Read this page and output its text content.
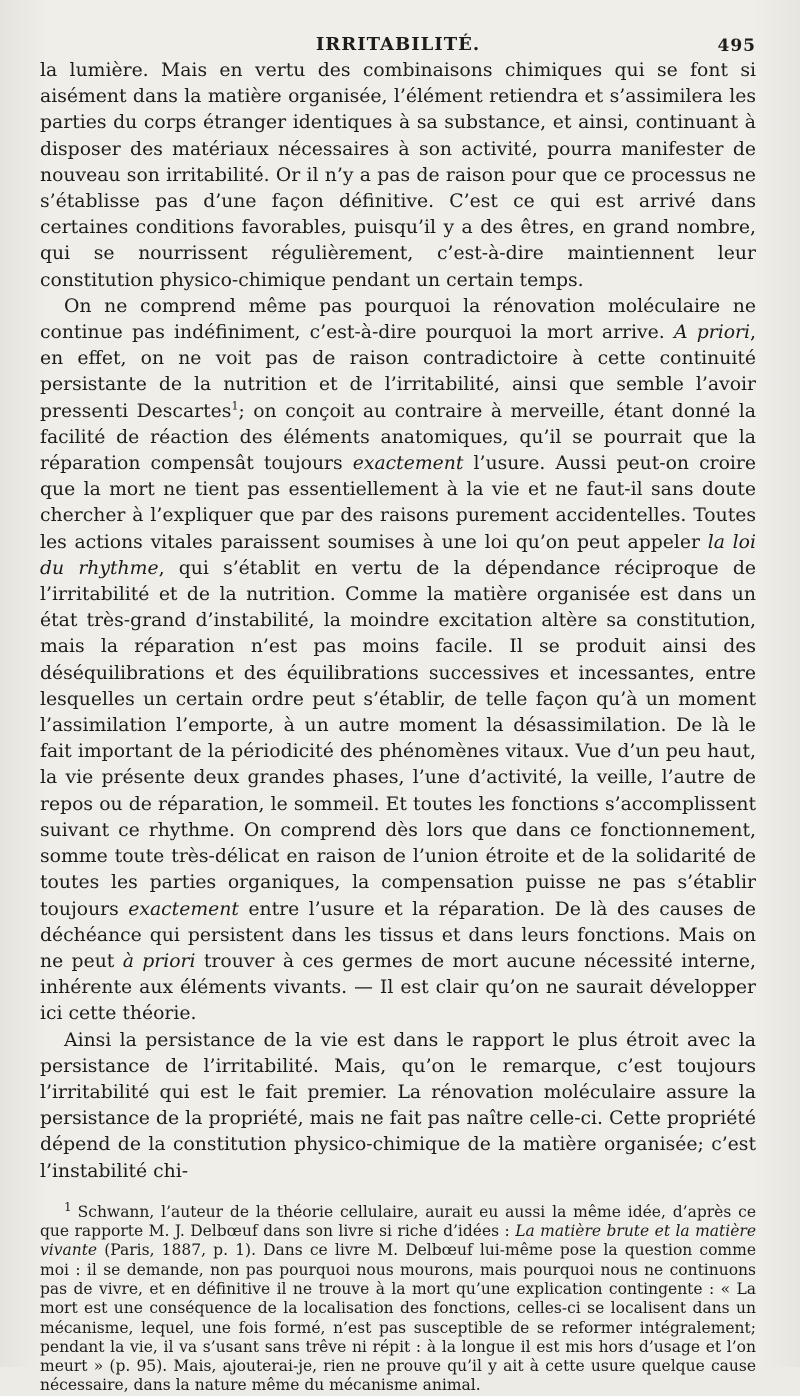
IRRITABILITÉ.	495

la lumière. Mais en vertu des combinaisons chimiques qui se font si aisément dans la matière organisée, l’élément retiendra et s’assimilera les parties du corps étranger identiques à sa substance, et ainsi, continuant à disposer des matériaux nécessaires à son activité, pourra manifester de nouveau son irritabilité. Or il n’y a pas de raison pour que ce processus ne s’établisse pas d’une façon définitive. C’est ce qui est arrivé dans certaines conditions favorables, puisqu’il y a des êtres, en grand nombre, qui se nourrissent régulièrement, c’est-à-dire maintiennent leur constitution physico-chimique pendant un certain temps.

On ne comprend même pas pourquoi la rénovation moléculaire ne continue pas indéfiniment, c’est-à-dire pourquoi la mort arrive. A priori, en effet, on ne voit pas de raison contradictoire à cette continuité persistante de la nutrition et de l’irritabilité, ainsi que semble l’avoir pressenti Descartes$^1$; on conçoit au contraire à merveille, étant donné la facilité de réaction des éléments anatomiques, qu’il se pourrait que la réparation compensât toujours exactement l’usure. Aussi peut-on croire que la mort ne tient pas essentiellement à la vie et ne faut-il sans doute chercher à l’expliquer que par des raisons purement accidentelles. Toutes les actions vitales paraissent soumises à une loi qu’on peut appeler la loi du rhythme, qui s’établit en vertu de la dépendance réciproque de l’irritabilité et de la nutrition. Comme la matière organisée est dans un état très-grand d’instabilité, la moindre excitation altère sa constitution, mais la réparation n’est pas moins facile. Il se produit ainsi des déséquilibrations et des équilibrations successives et incessantes, entre lesquelles un certain ordre peut s’établir, de telle façon qu’à un moment l’assimilation l’emporte, à un autre moment la désassimilation. De là le fait important de la périodicité des phénomènes vitaux. Vue d’un peu haut, la vie présente deux grandes phases, l’une d’activité, la veille, l’autre de repos ou de réparation, le sommeil. Et toutes les fonctions s’accomplissent suivant ce rhythme. On comprend dès lors que dans ce fonctionnement, somme toute très-délicat en raison de l’union étroite et de la solidarité de toutes les parties organiques, la compensation puisse ne pas s’établir toujours exactement entre l’usure et la réparation. De là des causes de déchéance qui persistent dans les tissus et dans leurs fonctions. Mais on ne peut à priori trouver à ces germes de mort aucune nécessité interne, inhérente aux éléments vivants. — Il est clair qu’on ne saurait développer ici cette théorie.

Ainsi la persistance de la vie est dans le rapport le plus étroit avec la persistance de l’irritabilité. Mais, qu’on le remarque, c’est toujours l’irritabilité qui est le fait premier. La rénovation moléculaire assure la persistance de la propriété, mais ne fait pas naître celle-ci. Cette propriété dépend de la constitution physico-chimique de la matière organisée; c’est l’instabilité chi-

$^1$ Schwann, l’auteur de la théorie cellulaire, aurait eu aussi la même idée, d’après ce que rapporte M. J. Delbœuf dans son livre si riche d’idées : La matière brute et la matière vivante (Paris, 1887, p. 1). Dans ce livre M. Delbœuf lui-même pose la question comme moi : il se demande, non pas pourquoi nous mourons, mais pourquoi nous ne continuons pas de vivre, et en définitive il ne trouve à la mort qu’une explication contingente : « La mort est une conséquence de la localisation des fonctions, celles-ci se localisent dans un mécanisme, lequel, une fois formé, n’est pas susceptible de se reformer intégralement; pendant la vie, il va s’usant sans trêve ni répit : à la longue il est mis hors d’usage et l’on meurt » (p. 95). Mais, ajouterai-je, rien ne prouve qu’il y ait à cette usure quelque cause nécessaire, dans la nature même du mécanisme animal.
